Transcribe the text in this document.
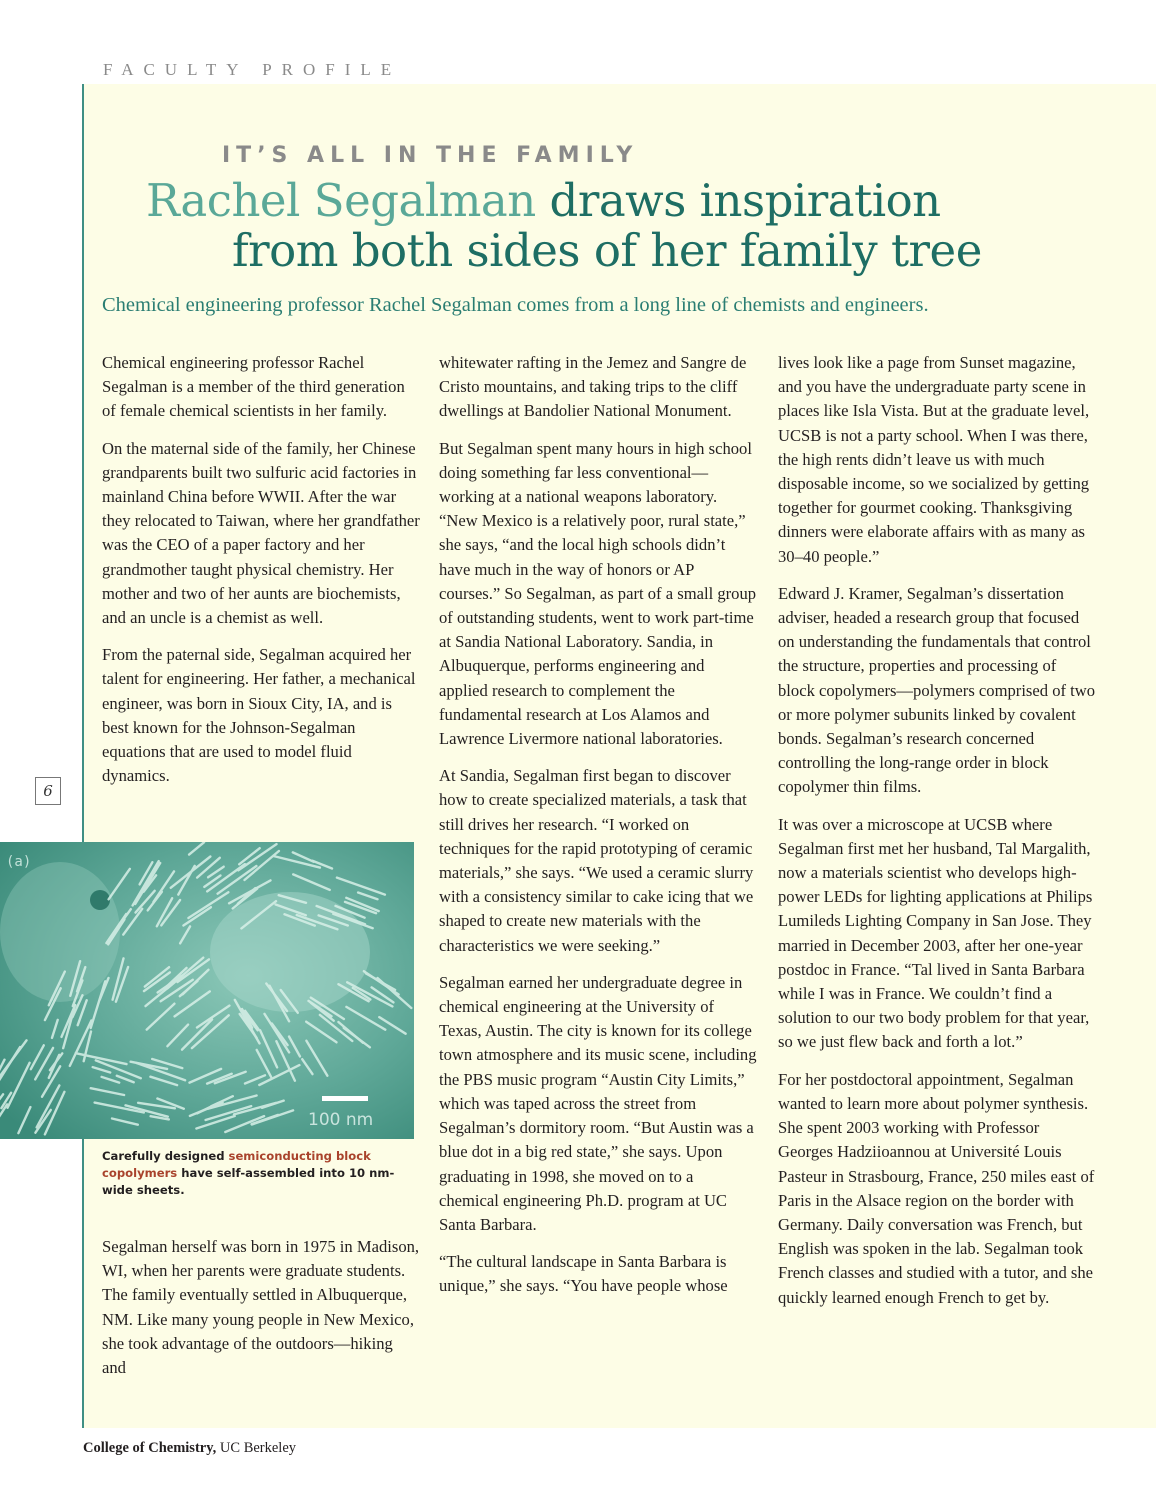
FACULTY PROFILE
IT’S ALL IN THE FAMILY
Rachel Segalman draws inspiration
from both sides of her family tree
Chemical engineering professor Rachel Segalman comes from a long line of chemists and engineers.

Chemical engineering professor Rachel Segalman is a member of the third generation of female chemical scientists in her family.

On the maternal side of the family, her Chinese grandparents built two sulfuric acid factories in mainland China before WWII. After the war they relocated to Taiwan, where her grandfather was the CEO of a paper factory and her grandmother taught physical chemistry. Her mother and two of her aunts are biochemists, and an uncle is a chemist as well.

From the paternal side, Segalman acquired her talent for engineering. Her father, a mechanical engineer, was born in Sioux City, IA, and is best known for the Johnson-Segalman equations that are used to model fluid dynamics.

6
(a)
100 nm
Carefully designed semiconducting block copolymers have self-assembled into 10 nm-wide sheets.

Segalman herself was born in 1975 in Madison, WI, when her parents were graduate students. The family eventually settled in Albuquerque, NM. Like many young people in New Mexico, she took advantage of the outdoors—hiking and

whitewater rafting in the Jemez and Sangre de Cristo mountains, and taking trips to the cliff dwellings at Bandolier National Monument.

But Segalman spent many hours in high school doing something far less conventional—working at a national weapons laboratory. “New Mexico is a relatively poor, rural state,” she says, “and the local high schools didn’t have much in the way of honors or AP courses.” So Segalman, as part of a small group of outstanding students, went to work part-time at Sandia National Laboratory. Sandia, in Albuquerque, performs engineering and applied research to complement the fundamental research at Los Alamos and Lawrence Livermore national laboratories.

At Sandia, Segalman first began to discover how to create specialized materials, a task that still drives her research. “I worked on techniques for the rapid prototyping of ceramic materials,” she says. “We used a ceramic slurry with a consistency similar to cake icing that we shaped to create new materials with the characteristics we were seeking.”

Segalman earned her undergraduate degree in chemical engineering at the University of Texas, Austin. The city is known for its college town atmosphere and its music scene, including the PBS music program “Austin City Limits,” which was taped across the street from Segalman’s dormitory room. “But Austin was a blue dot in a big red state,” she says. Upon graduating in 1998, she moved on to a chemical engineering Ph.D. program at UC Santa Barbara.

“The cultural landscape in Santa Barbara is unique,” she says. “You have people whose

lives look like a page from Sunset magazine, and you have the undergraduate party scene in places like Isla Vista. But at the graduate level, UCSB is not a party school. When I was there, the high rents didn’t leave us with much disposable income, so we socialized by getting together for gourmet cooking. Thanksgiving dinners were elaborate affairs with as many as 30–40 people.”

Edward J. Kramer, Segalman’s dissertation adviser, headed a research group that focused on understanding the fundamentals that control the structure, properties and processing of block copolymers—polymers comprised of two or more polymer subunits linked by covalent bonds. Segalman’s research concerned controlling the long-range order in block copolymer thin films.

It was over a microscope at UCSB where Segalman first met her husband, Tal Margalith, now a materials scientist who develops high-power LEDs for lighting applications at Philips Lumileds Lighting Company in San Jose. They married in December 2003, after her one-year postdoc in France. “Tal lived in Santa Barbara while I was in France. We couldn’t find a solution to our two body problem for that year, so we just flew back and forth a lot.”

For her postdoctoral appointment, Segalman wanted to learn more about polymer synthesis. She spent 2003 working with Professor Georges Hadziioannou at Université Louis Pasteur in Strasbourg, France, 250 miles east of Paris in the Alsace region on the border with Germany. Daily conversation was French, but English was spoken in the lab. Segalman took French classes and studied with a tutor, and she quickly learned enough French to get by.

College of Chemistry, UC Berkeley
